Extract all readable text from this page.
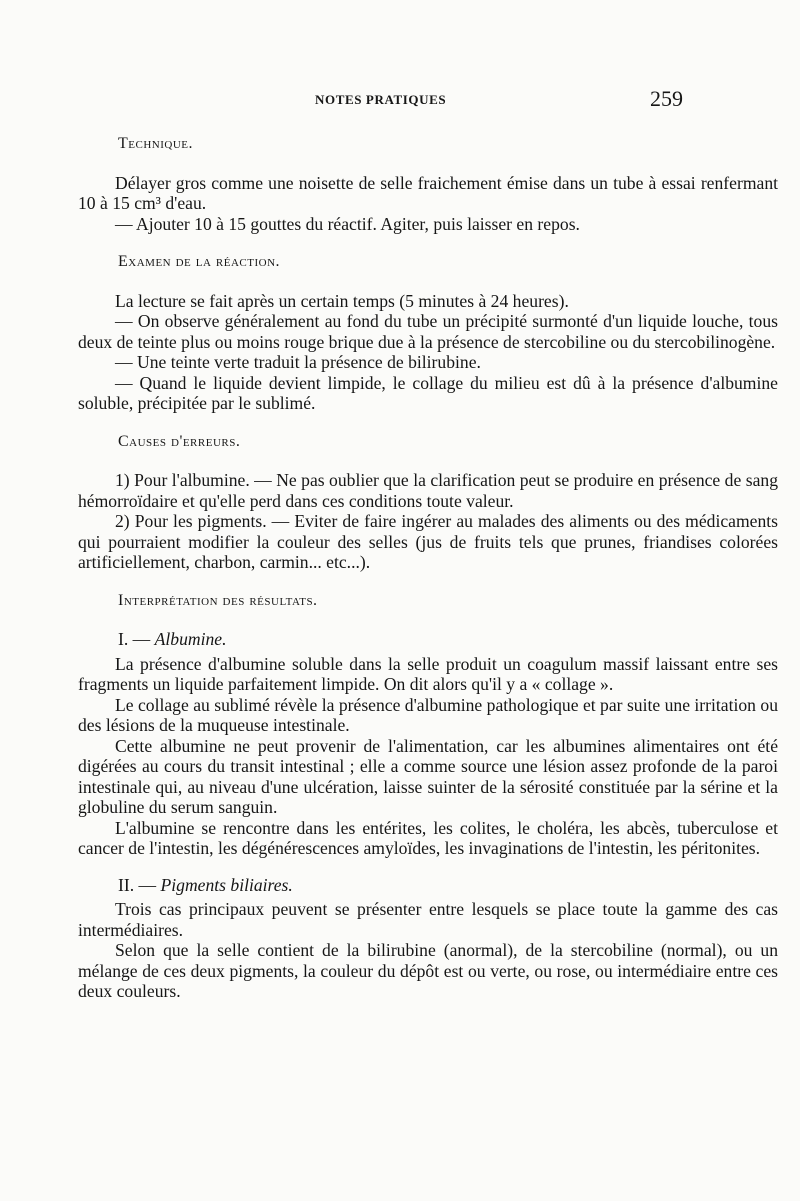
NOTES PRATIQUES	259
Technique.

Délayer gros comme une noisette de selle fraichement émise dans un tube à essai renfermant 10 à 15 cm³ d'eau.

— Ajouter 10 à 15 gouttes du réactif. Agiter, puis laisser en repos.

Examen de la réaction.

La lecture se fait après un certain temps (5 minutes à 24 heures).

— On observe généralement au fond du tube un précipité surmonté d'un liquide louche, tous deux de teinte plus ou moins rouge brique due à la présence de stercobiline ou du stercobilinogène.

— Une teinte verte traduit la présence de bilirubine.

— Quand le liquide devient limpide, le collage du milieu est dû à la présence d'albumine soluble, précipitée par le sublimé.

Causes d'erreurs.

1) Pour l'albumine. — Ne pas oublier que la clarification peut se produire en présence de sang hémorroïdaire et qu'elle perd dans ces conditions toute valeur.

2) Pour les pigments. — Eviter de faire ingérer au malades des aliments ou des médicaments qui pourraient modifier la couleur des selles (jus de fruits tels que prunes, friandises colorées artificiellement, charbon, carmin... etc...).

Interprétation des résultats.
I. — Albumine.

La présence d'albumine soluble dans la selle produit un coagulum massif laissant entre ses fragments un liquide parfaitement limpide. On dit alors qu'il y a « collage ».

Le collage au sublimé révèle la présence d'albumine pathologique et par suite une irritation ou des lésions de la muqueuse intestinale.

Cette albumine ne peut provenir de l'alimentation, car les albumines alimentaires ont été digérées au cours du transit intestinal ; elle a comme source une lésion assez profonde de la paroi intestinale qui, au niveau d'une ulcération, laisse suinter de la sérosité constituée par la sérine et la globuline du serum sanguin.

L'albumine se rencontre dans les entérites, les colites, le choléra, les abcès, tuberculose et cancer de l'intestin, les dégénérescences amyloïdes, les invaginations de l'intestin, les péritonites.

II. — Pigments biliaires.

Trois cas principaux peuvent se présenter entre lesquels se place toute la gamme des cas intermédiaires.

Selon que la selle contient de la bilirubine (anormal), de la stercobiline (normal), ou un mélange de ces deux pigments, la couleur du dépôt est ou verte, ou rose, ou intermédiaire entre ces deux couleurs.
